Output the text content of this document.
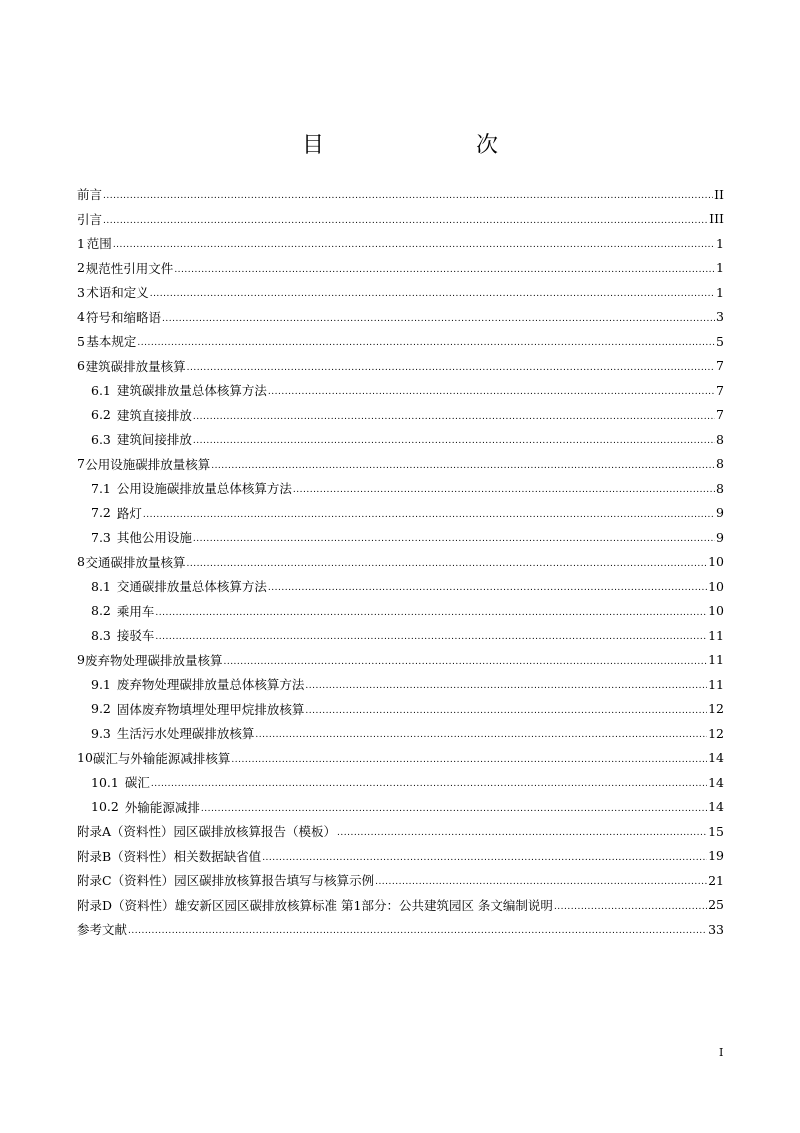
目　　次
前言 .....	II
引言 .....	III
1 范围 .....	1
2 规范性引用文件 .....	1
3 术语和定义 .....	1
4 符号和缩略语 .....	3
5 基本规定 .....	5
6 建筑碳排放量核算 .....	7
6.1 建筑碳排放量总体核算方法 .....	7
6.2 建筑直接排放 .....	7
6.3 建筑间接排放 .....	8
7 公用设施碳排放量核算 .....	8
7.1 公用设施碳排放量总体核算方法 .....	8
7.2 路灯 .....	9
7.3 其他公用设施 .....	9
8 交通碳排放量核算 .....	10
8.1 交通碳排放量总体核算方法 .....	10
8.2 乘用车 .....	10
8.3 接驳车 .....	11
9 废弃物处理碳排放量核算 .....	11
9.1 废弃物处理碳排放量总体核算方法 .....	11
9.2 固体废弃物填埋处理甲烷排放核算 .....	12
9.3 生活污水处理碳排放核算 .....	12
10 碳汇与外输能源减排核算 .....	14
10.1 碳汇 .....	14
10.2 外输能源减排 .....	14
附录A（资料性）园区碳排放核算报告（模板） .....	15
附录B（资料性）相关数据缺省值 .....	19
附录C（资料性）园区碳排放核算报告填写与核算示例 .....	21
附录D（资料性）雄安新区园区碳排放核算标准 第1部分：公共建筑园区 条文编制说明 .....	25
参考文献 .....	33
I
